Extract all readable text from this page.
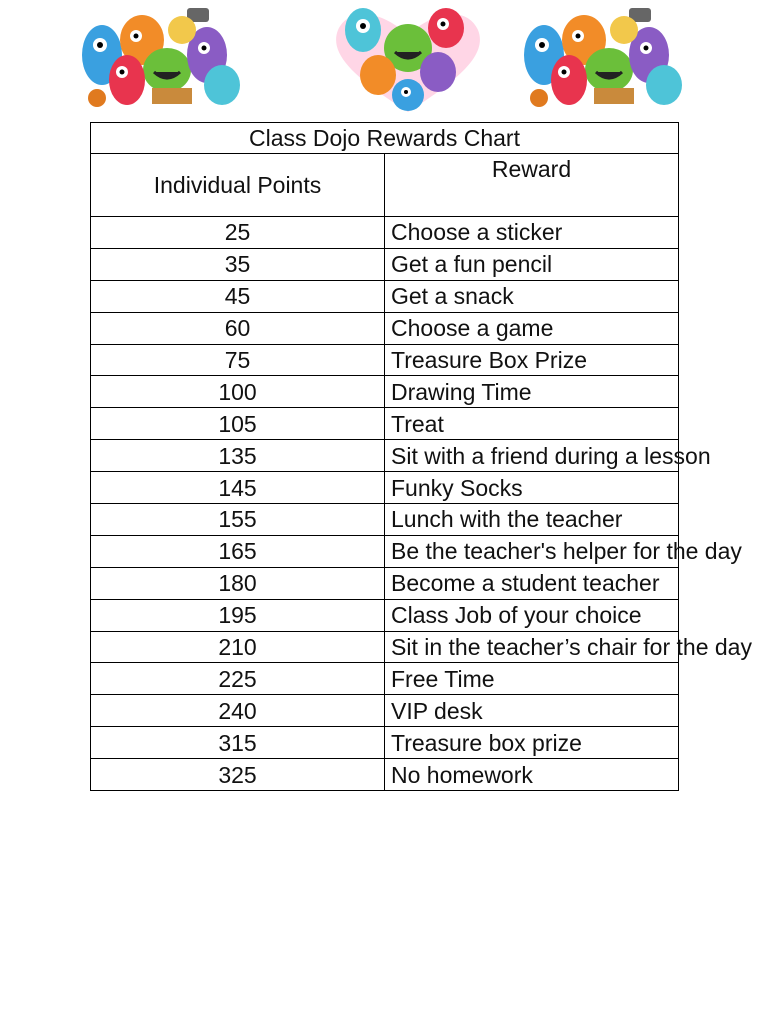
Class Dojo Rewards Chart	
Individual Points	Reward
25	Choose a sticker
35	Get a fun pencil
45	Get a snack
60	Choose a game
75	Treasure Box Prize
100	Drawing Time
105	Treat
135	Sit with a friend during a lesson
145	Funky Socks
155	Lunch with the teacher
165	Be the teacher's helper for the day
180	Become a student teacher
195	Class Job of your choice
210	Sit in the teacher’s chair for the day
225	Free Time
240	VIP desk
315	Treasure box prize
325	No homework
